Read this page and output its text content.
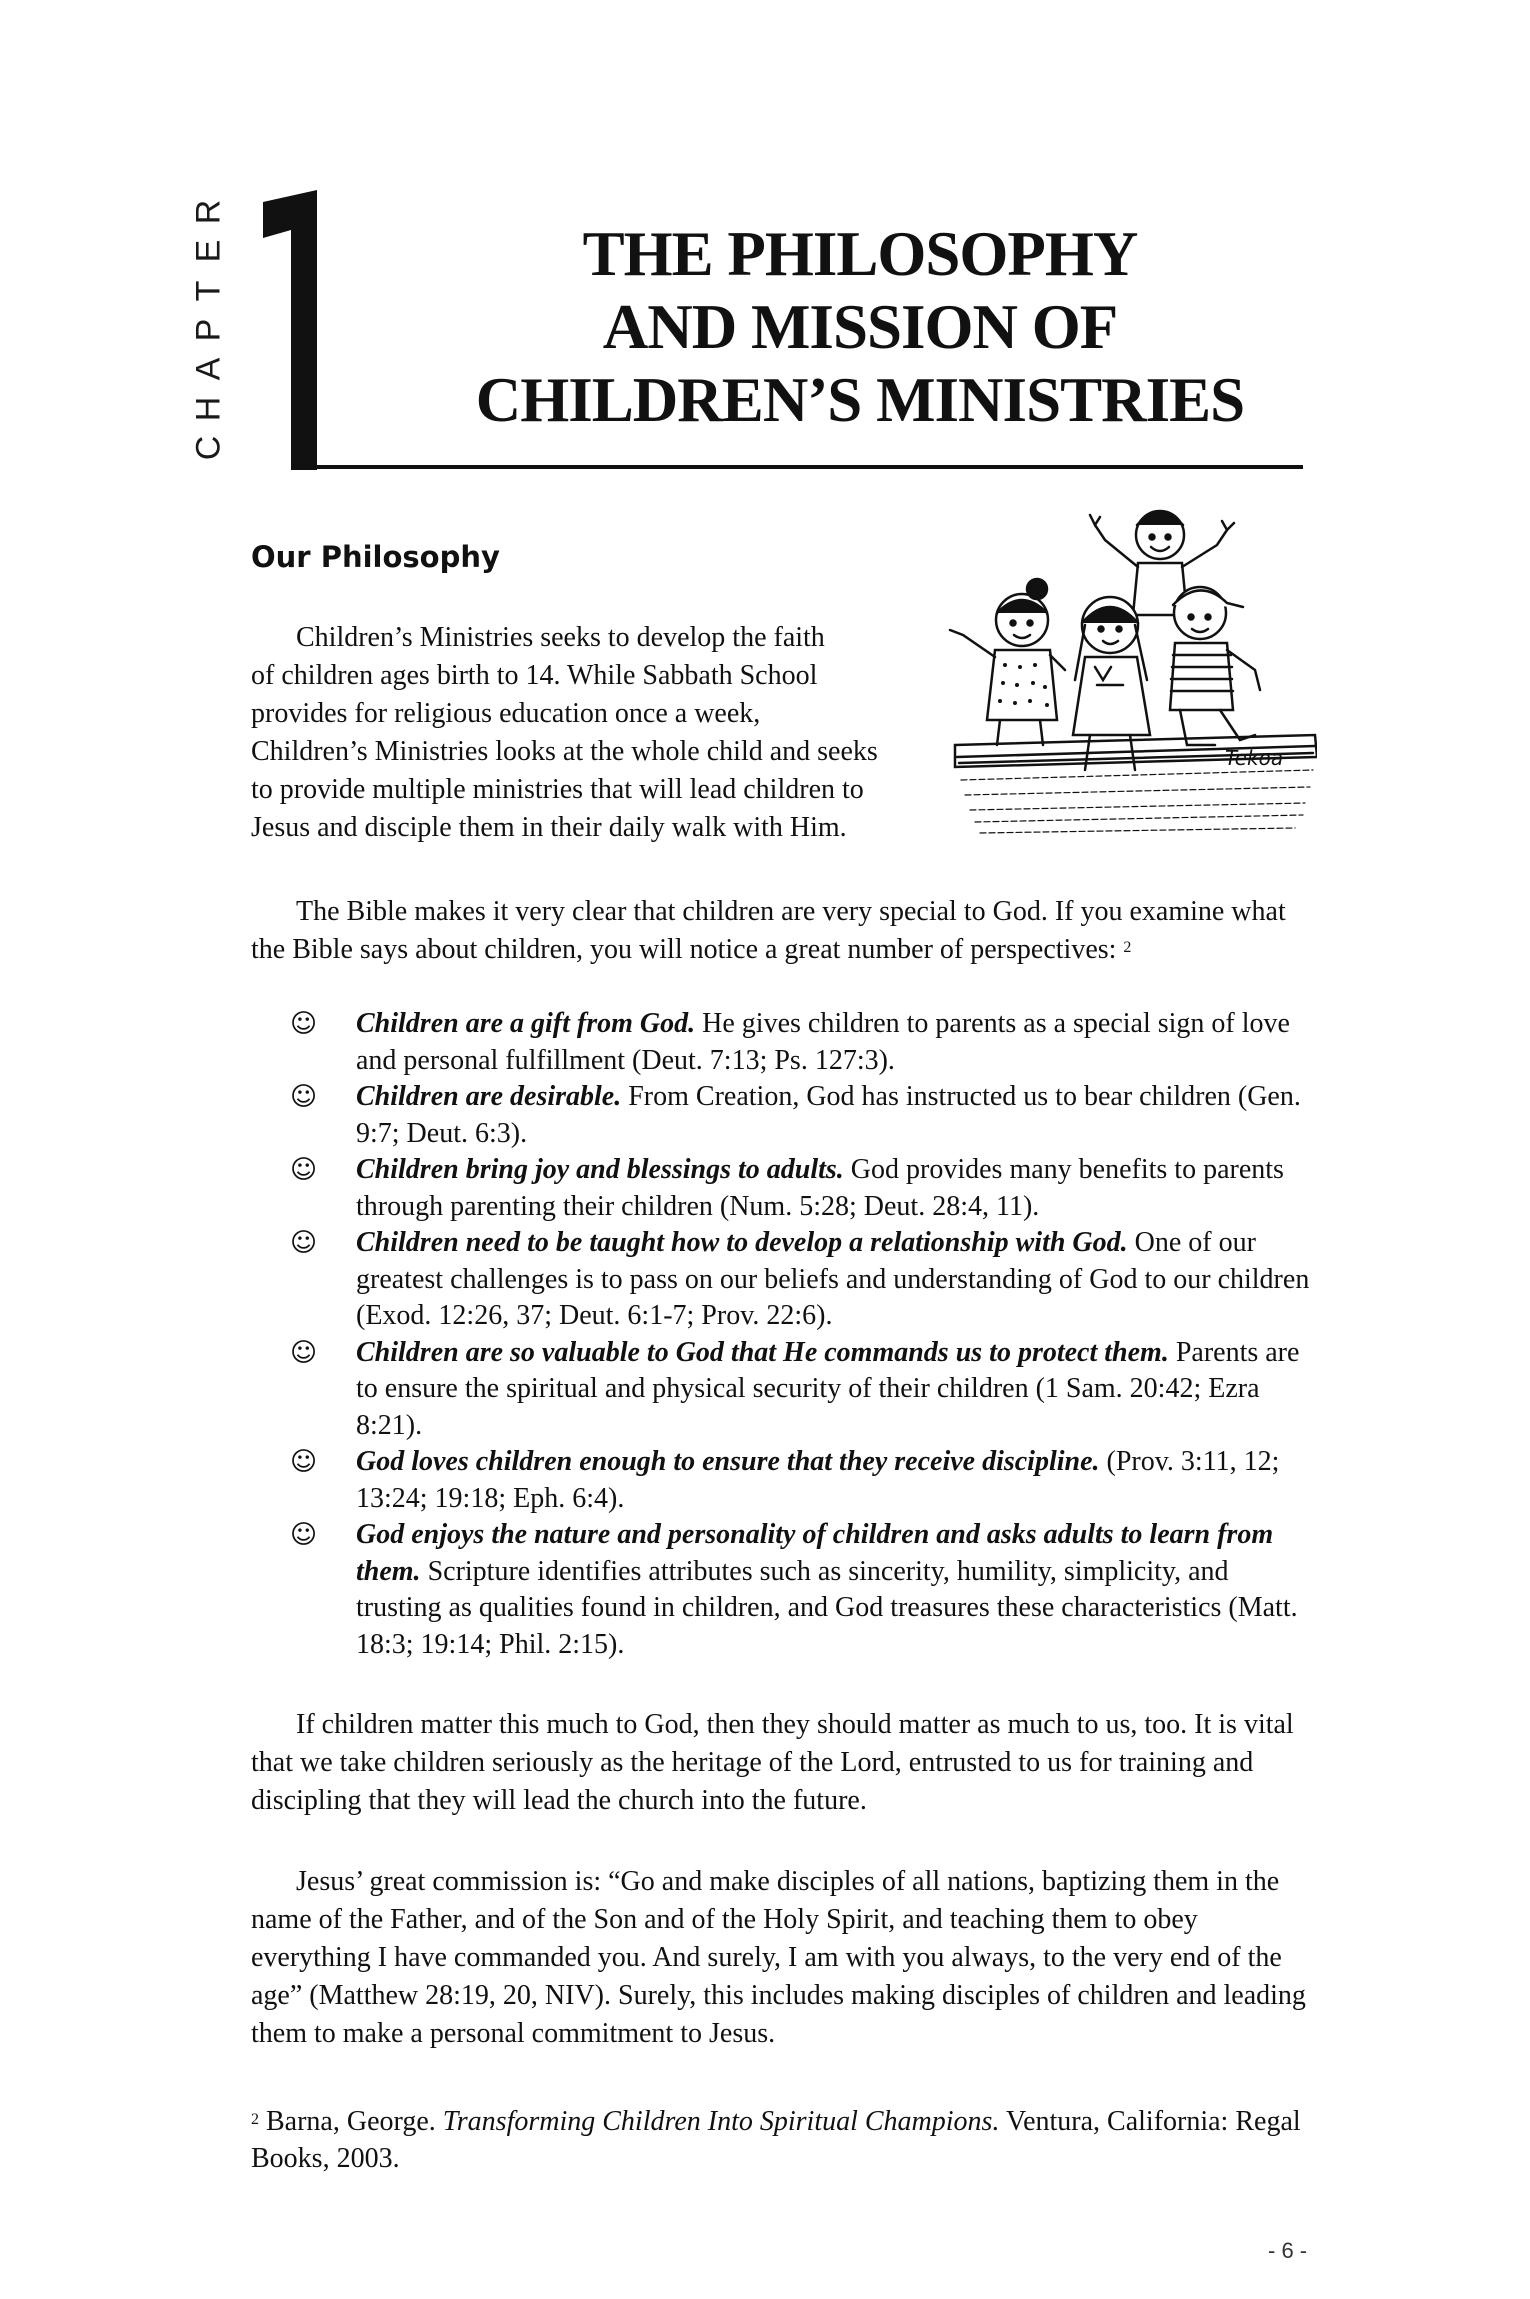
C
H
A
P
T
E
R
THE PHILOSOPHY
AND MISSION OF
CHILDREN’S MINISTRIES
Our Philosophy
Children’s Ministries seeks to develop the faith
of children ages birth to 14. While Sabbath School
provides for religious education once a week,
Children’s Ministries looks at the whole child and seeks
to provide multiple ministries that will lead children to
Jesus and disciple them in their daily walk with Him.
Tekoa
The Bible makes it very clear that children are very special to God. If you examine what the Bible says about children, you will notice a great number of perspectives: $^2$
☺ Children are a gift from God. He gives children to parents as a special sign of love and personal fulfillment (Deut. 7:13; Ps. 127:3).
☺ Children are desirable. From Creation, God has instructed us to bear children (Gen. 9:7; Deut. 6:3).
☺ Children bring joy and blessings to adults. God provides many benefits to parents through parenting their children (Num. 5:28; Deut. 28:4, 11).
☺ Children need to be taught how to develop a relationship with God. One of our greatest challenges is to pass on our beliefs and understanding of God to our children (Exod. 12:26, 37; Deut. 6:1-7; Prov. 22:6).
☺ Children are so valuable to God that He commands us to protect them. Parents are to ensure the spiritual and physical security of their children (1 Sam. 20:42; Ezra 8:21).
☺ God loves children enough to ensure that they receive discipline. (Prov. 3:11, 12; 13:24; 19:18; Eph. 6:4).
☺ God enjoys the nature and personality of children and asks adults to learn from them. Scripture identifies attributes such as sincerity, humility, simplicity, and trusting as qualities found in children, and God treasures these characteristics (Matt. 18:3; 19:14; Phil. 2:15).
If children matter this much to God, then they should matter as much to us, too. It is vital that we take children seriously as the heritage of the Lord, entrusted to us for training and discipling that they will lead the church into the future.
Jesus’ great commission is: “Go and make disciples of all nations, baptizing them in the name of the Father, and of the Son and of the Holy Spirit, and teaching them to obey everything I have commanded you. And surely, I am with you always, to the very end of the age” (Matthew 28:19, 20, NIV). Surely, this includes making disciples of children and leading them to make a personal commitment to Jesus.
$^2$ Barna, George. Transforming Children Into Spiritual Champions. Ventura, California: Regal Books, 2003.
- 6 -
